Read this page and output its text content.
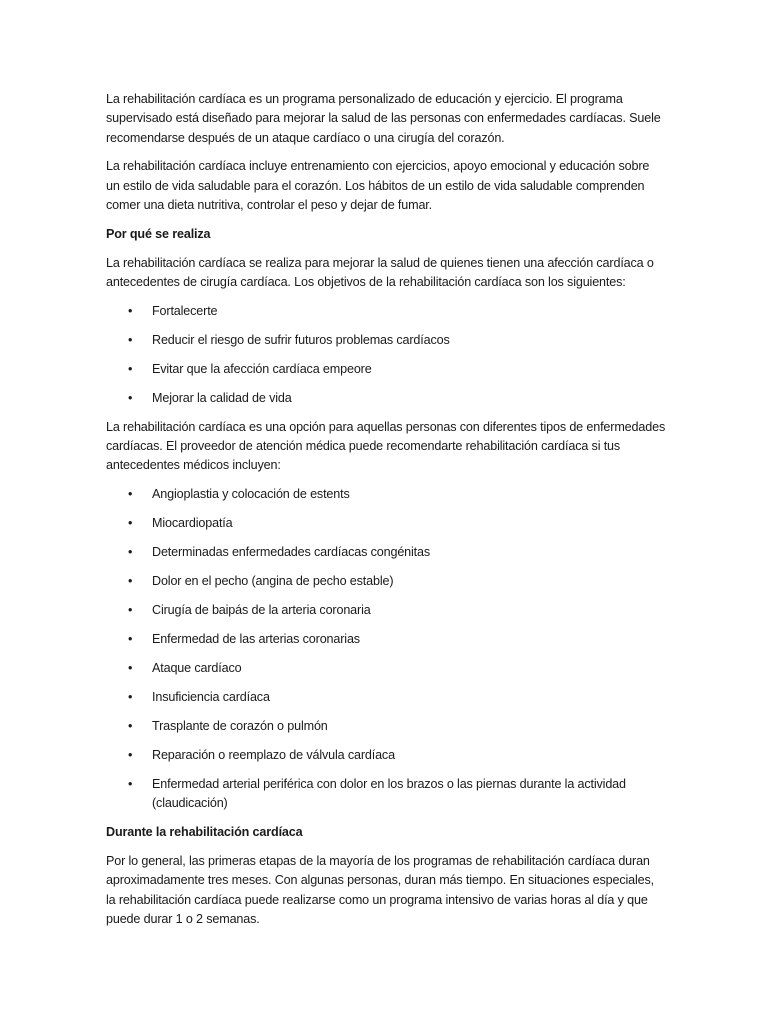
La rehabilitación cardíaca es un programa personalizado de educación y ejercicio. El programa supervisado está diseñado para mejorar la salud de las personas con enfermedades cardíacas. Suele recomendarse después de un ataque cardíaco o una cirugía del corazón.

La rehabilitación cardíaca incluye entrenamiento con ejercicios, apoyo emocional y educación sobre un estilo de vida saludable para el corazón. Los hábitos de un estilo de vida saludable comprenden comer una dieta nutritiva, controlar el peso y dejar de fumar.

Por qué se realiza

La rehabilitación cardíaca se realiza para mejorar la salud de quienes tienen una afección cardíaca o antecedentes de cirugía cardíaca. Los objetivos de la rehabilitación cardíaca son los siguientes:

• Fortalecerte
• Reducir el riesgo de sufrir futuros problemas cardíacos
• Evitar que la afección cardíaca empeore
• Mejorar la calidad de vida

La rehabilitación cardíaca es una opción para aquellas personas con diferentes tipos de enfermedades cardíacas. El proveedor de atención médica puede recomendarte rehabilitación cardíaca si tus antecedentes médicos incluyen:

• Angioplastia y colocación de estents
• Miocardiopatía
• Determinadas enfermedades cardíacas congénitas
• Dolor en el pecho (angina de pecho estable)
• Cirugía de baipás de la arteria coronaria
• Enfermedad de las arterias coronarias
• Ataque cardíaco
• Insuficiencia cardíaca
• Trasplante de corazón o pulmón
• Reparación o reemplazo de válvula cardíaca
• Enfermedad arterial periférica con dolor en los brazos o las piernas durante la actividad (claudicación)
Durante la rehabilitación cardíaca

Por lo general, las primeras etapas de la mayoría de los programas de rehabilitación cardíaca duran aproximadamente tres meses. Con algunas personas, duran más tiempo. En situaciones especiales, la rehabilitación cardíaca puede realizarse como un programa intensivo de varias horas al día y que puede durar 1 o 2 semanas.
